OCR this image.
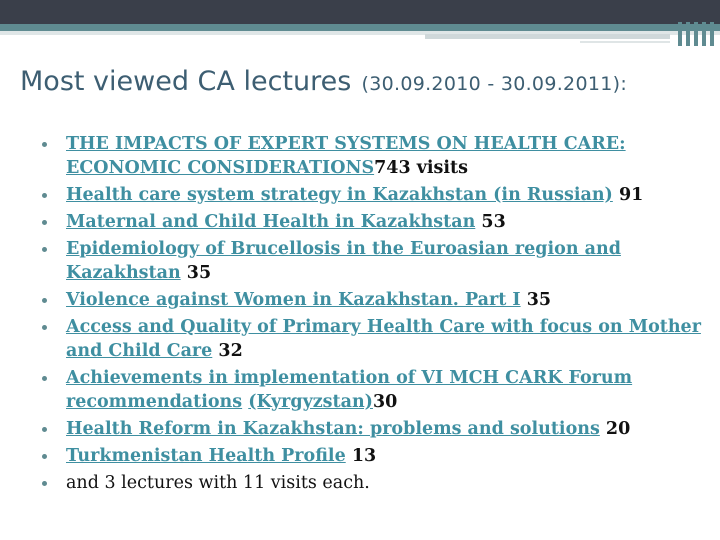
Most viewed CA lectures (30.09.2010 - 30.09.2011):
THE IMPACTS OF EXPERT SYSTEMS ON HEALTH CARE: ECONOMIC CONSIDERATIONS743 visits
Health care system strategy in Kazakhstan (in Russian) 91
Maternal and Child Health in Kazakhstan 53
Epidemiology of Brucellosis in the Euroasian region and Kazakhstan 35
Violence against Women in Kazakhstan. Part I 35
Access and Quality of Primary Health Care with focus on Mother and Child Care 32
Achievements in implementation of VI MCH CARK Forum recommendations (Kyrgyzstan)30
Health Reform in Kazakhstan: problems and solutions 20
Turkmenistan Health Profile 13
and 3 lectures with 11 visits each.
